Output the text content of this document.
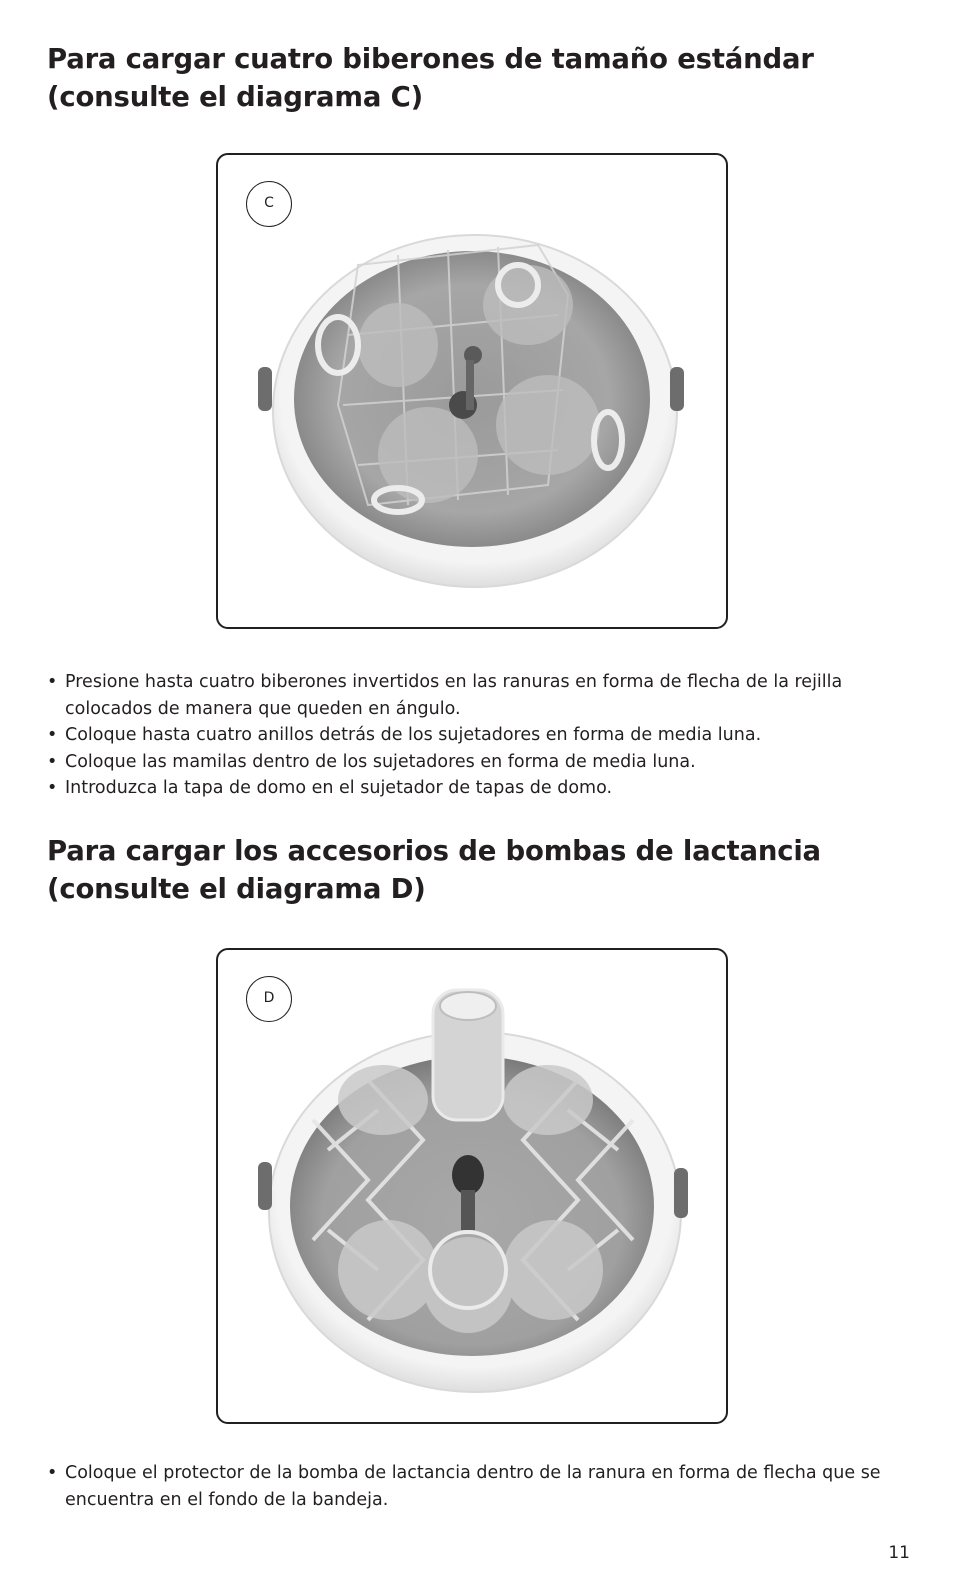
Para cargar cuatro biberones de tamaño estándar
(consulte el diagrama C)
C
• Presione hasta cuatro biberones invertidos en las ranuras en forma de flecha de la rejilla colocados de manera que queden en ángulo.
• Coloque hasta cuatro anillos detrás de los sujetadores en forma de media luna.
• Coloque las mamilas dentro de los sujetadores en forma de media luna.
• Introduzca la tapa de domo en el sujetador de tapas de domo.
Para cargar los accesorios de bombas de lactancia
(consulte el diagrama D)
D
• Coloque el protector de la bomba de lactancia dentro de la ranura en forma de flecha que se encuentra en el fondo de la bandeja.
11
